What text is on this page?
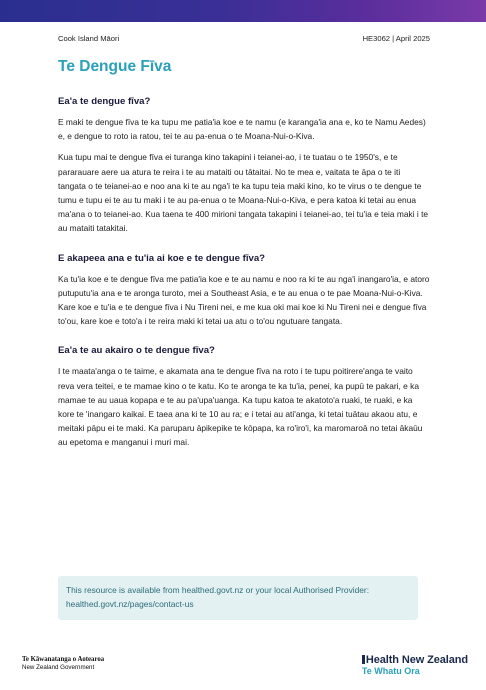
Cook Island Māori	HE3062 | April 2025
Te Dengue Fīva
Ea'a te dengue fīva?

E maki te dengue fīva te ka tupu me patia'ia koe e te namu (e karanga'ia ana e, ko te Namu Aedes) e, e dengue to roto ia ratou, tei te au pa-enua o te Moana-Nui-o-Kiva.

Kua tupu mai te dengue fīva ei turanga kino takapini i teianei-ao, i te tuatau o te 1950's, e te pararauare aere ua atura te reira i te au mataiti ou tātaitai. No te mea e, vaitata te āpa o te iti tangata o te teianei-ao e noo ana ki te au nga'i te ka tupu teia maki kino, ko te virus o te dengue te tumu e tupu ei te au tu maki i te au pa-enua o te Moana-Nui-o-Kiva, e pera katoa ki tetai au enua ma'ana o to teianei-ao. Kua taena te 400 mirioni tangata takapini i teianei-ao, tei tu'ia e teia maki i te au mataiti tatakitai.

E akapeea ana e tu'ia ai koe e te dengue fīva?

Ka tu'ia koe e te dengue fīva me patia'ia koe e te au namu e noo ra ki te au nga'i inangaro'ia, e atoro putuputu'ia ana e te aronga turoto, mei a Southeast Asia, e te au enua o te pae Moana-Nui-o-Kiva. Kare koe e tu'ia e te dengue fīva i Nu Tireni nei, e me kua oki mai koe ki Nu Tireni nei e dengue fīva to'ou, kare koe e toto'a i te reira maki ki tetai ua atu o to'ou ngutuare tangata.

Ea'a te au akairo o te dengue fīva?

I te maata'anga o te taime, e akamata ana te dengue fīva na roto i te tupu poitirere'anga te vaito reva vera teitei, e te mamae kino o te katu. Ko te aronga te ka tu'ia, penei, ka pupū te pakari, e ka mamae te au uaua kopapa e te au pa'upa'uanga. Ka tupu katoa te akatoto'a ruaki, te ruaki, e ka kore te 'inangaro kaikai. E taea ana ki te 10 au ra; e i tetai au ati'anga, ki tetai tuātau akaou atu, e meitaki pāpu ei te maki. Ka paruparu āpikepike te kōpapa, ka ro'iro'i, ka maromaroā no tetai ākaūu au epetoma e manganui i muri mai.

This resource is available from healthed.govt.nz or your local Authorised Provider: healthed.govt.nz/pages/contact-us
Te Kāwanatanga o Aotearoa
New Zealand Government
Health New Zealand
Te Whatu Ora
